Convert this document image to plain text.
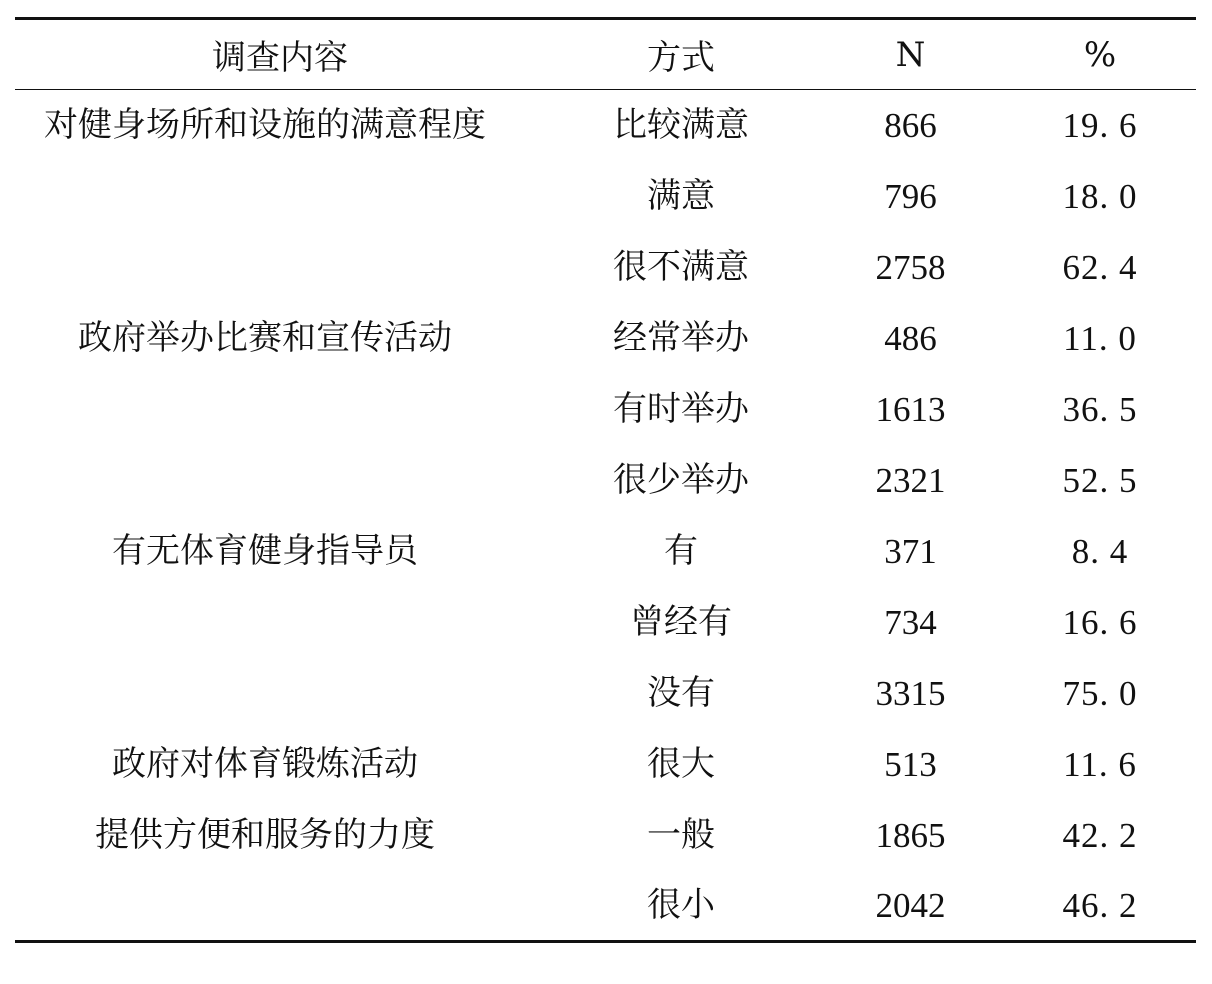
调查内容	方式	N	%
对健身场所和设施的满意程度	比较满意	866	19. 6
	满意	796	18. 0
	很不满意	2758	62. 4
政府举办比赛和宣传活动	经常举办	486	11. 0
	有时举办	1613	36. 5
	很少举办	2321	52. 5
有无体育健身指导员	有	371	8. 4
	曾经有	734	16. 6
	没有	3315	75. 0
政府对体育锻炼活动	很大	513	11. 6
提供方便和服务的力度	一般	1865	42. 2
	很小	2042	46. 2
